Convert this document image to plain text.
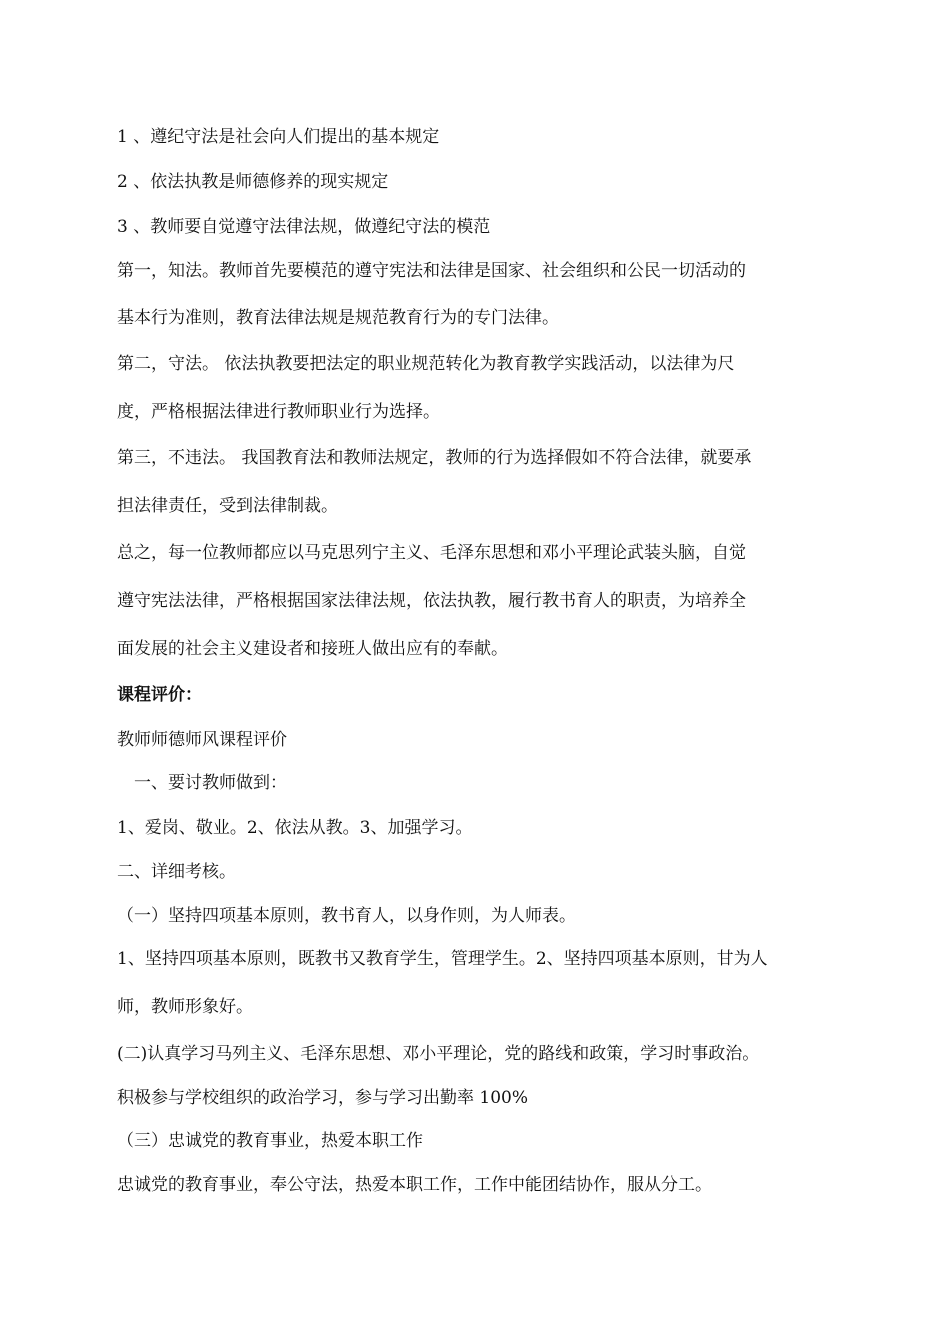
1 、遵纪守法是社会向人们提出的基本规定
2 、依法执教是师德修养的现实规定
3 、教师要自觉遵守法律法规，做遵纪守法的模范
第一，知法。教师首先要模范的遵守宪法和法律是国家、社会组织和公民一切活动的
基本行为准则，教育法律法规是规范教育行为的专门法律。
第二，守法。 依法执教要把法定的职业规范转化为教育教学实践活动，以法律为尺
度，严格根据法律进行教师职业行为选择。
第三，不违法。 我国教育法和教师法规定，教师的行为选择假如不符合法律，就要承
担法律责任，受到法律制裁。
总之，每一位教师都应以马克思列宁主义、毛泽东思想和邓小平理论武装头脑，自觉
遵守宪法法律，严格根据国家法律法规，依法执教，履行教书育人的职责，为培养全
面发展的社会主义建设者和接班人做出应有的奉献。
课程评价：
教师师德师风课程评价
一、要讨教师做到：
1、爱岗、敬业。2、依法从教。3、加强学习。
二、详细考核。
（一）坚持四项基本原则，教书育人，以身作则，为人师表。
1、坚持四项基本原则，既教书又教育学生，管理学生。2、坚持四项基本原则，甘为人
师，教师形象好。
(二)认真学习马列主义、毛泽东思想、邓小平理论，党的路线和政策，学习时事政治。
积极参与学校组织的政治学习，参与学习出勤率 100%
（三）忠诚党的教育事业，热爱本职工作
忠诚党的教育事业，奉公守法，热爱本职工作，工作中能团结协作，服从分工。
